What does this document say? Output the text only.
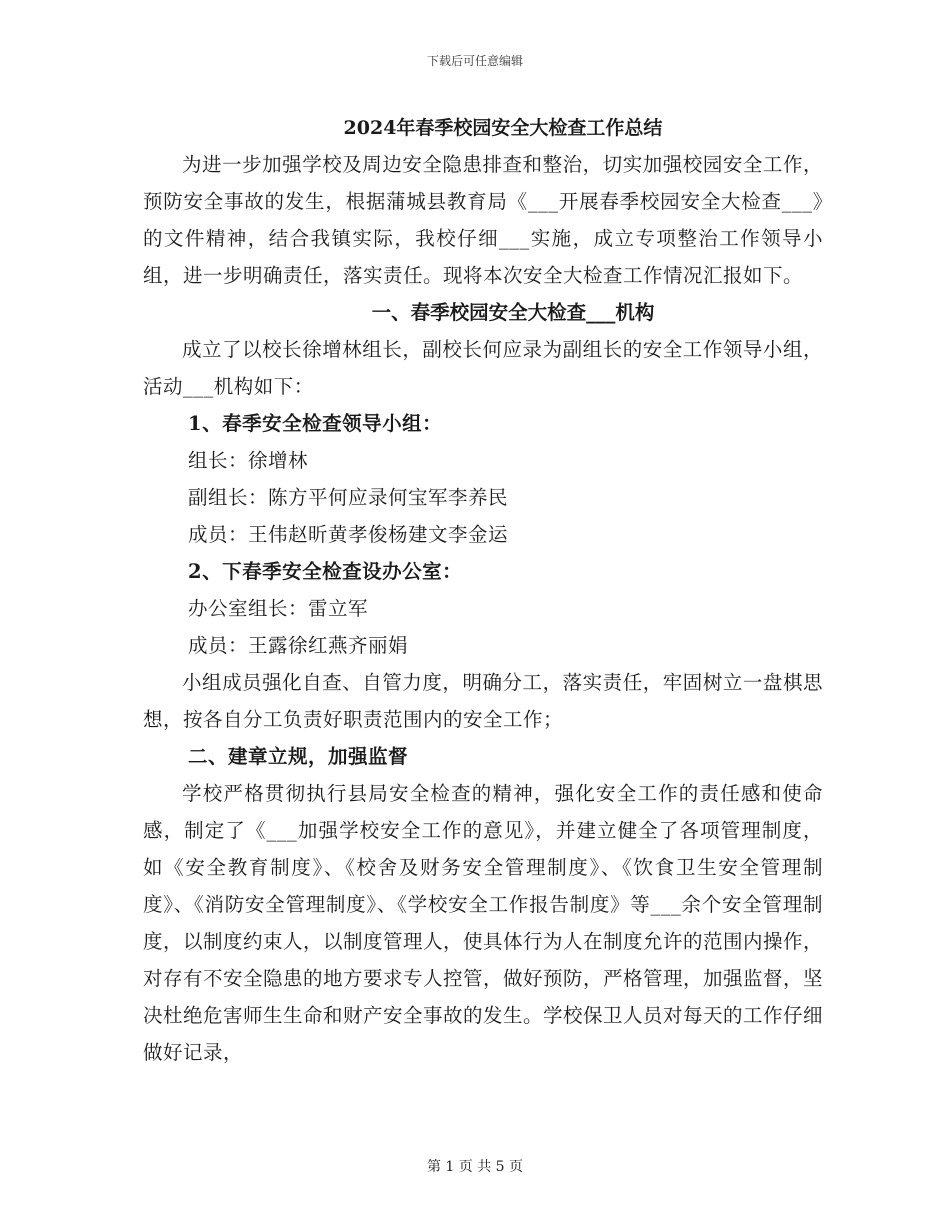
下载后可任意编辑

2024年春季校园安全大检查工作总结

为进一步加强学校及周边安全隐患排查和整治，切实加强校园安全工作，预防安全事故的发生，根据蒲城县教育局《___开展春季校园安全大检查___》的文件精神，结合我镇实际，我校仔细___实施，成立专项整治工作领导小组，进一步明确责任，落实责任。现将本次安全大检查工作情况汇报如下。

一、春季校园安全大检查___机构

成立了以校长徐增林组长，副校长何应录为副组长的安全工作领导小组，活动___机构如下：

1、春季安全检查领导小组：

组长：徐增林

副组长：陈方平何应录何宝军李养民

成员：王伟赵昕黄孝俊杨建文李金运

2、下春季安全检查设办公室：

办公室组长：雷立军

成员：王露徐红燕齐丽娟

小组成员强化自查、自管力度，明确分工，落实责任，牢固树立一盘棋思想，按各自分工负责好职责范围内的安全工作；

二、建章立规，加强监督

学校严格贯彻执行县局安全检查的精神，强化安全工作的责任感和使命感，制定了《___加强学校安全工作的意见》，并建立健全了各项管理制度，如《安全教育制度》、《校舍及财务安全管理制度》、《饮食卫生安全管理制度》、《消防安全管理制度》、《学校安全工作报告制度》等___余个安全管理制度，以制度约束人，以制度管理人，使具体行为人在制度允许的范围内操作，对存有不安全隐患的地方要求专人控管，做好预防，严格管理，加强监督，坚决杜绝危害师生生命和财产安全事故的发生。学校保卫人员对每天的工作仔细做好记录，

第 1 页 共 5 页
